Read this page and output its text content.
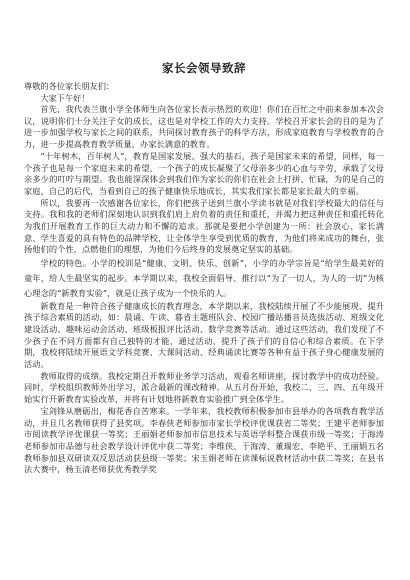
家长会领导致辞
尊敬的各位家长朋友们：
大家下午好！

首先，我代表兰旗小学全体师生向各位家长表示热烈的欢迎！你们在百忙之中前来参加本次会议，说明你们十分关注子女的成长，这也是对学校工作的大力支持。学校召开家长会的目的是为了进一步加强学校与家长之间的联系，共同探讨教育孩子的科学方法，形成家庭教育与学校教育的合力，进一步提高教育教学质量，办家长满意的教育。

“十年树木，百年树人”，教育是国家发展、强大的基石，孩子是国家未来的希望，同样，每一个孩子也是每一个家庭未来的希望，一个孩子的成长凝聚了父母亲多少的心血与辛劳，承载了父母亲多少的叮咛与期望。我也能深深体会到我们作为家长的你们在社会上打拼、忙碌，为的是自己的家庭，自己的后代，当看到自己的孩子健康快乐地成长，其实我们家长都是家长最大的幸福。

所以，我要再一次感谢各位家长，你们把孩子送到兰旗小学读书就是对我们学校最大的信任与支持。我和我的老师们深刻地认识到我们肩上肩负着的责任和重托，并竭力把这种责任和重托转化为我们开展教育工作的巨大动力和不懈的追求。那就是要把小学创建为一所：社会放心、家长满意、学生喜爱的具有特色的品牌学校，让全体学生享受到优质的教育，为他们将来成功的舞台，张扬他们的个性，点燃他们的理想，为他们今后终身的发展奠定坚实的基础。

学校的特色。小学的校训是“健康、文明、快乐、创新”，小学的办学宗旨是“给学生最美好的童年，给人生最坚实的起步。本学期以来，我校全面倡导、推行以“为了一切人，为人的一切”为核心理念的“新教育实验”，就是让孩子成为一个快乐的人。

新教育是一种符合孩子健康成长的教育理念，本学期以来，我校陆续开展了不少能展现、提升孩子综合素质的活动，如：晨诵、午读、暮省主题班队会、校园广播站播音员选拔活动、班级文化建设活动、趣味运动会活动、班级板报评比活动、数学竞赛等活动。通过这些活动，我们发现了不少孩子在不同方面都有自己独特的才能，通过活动，提升了孩子们的自信心和综合素质。在下学期，我校将陆续开展语文学科竞赛、大课间活动、经典诵读比赛等各种有益于孩子身心健康发展的活动。

教师取得的成绩。我校定期召开教师业务学习活动，观看名师讲座，探讨教学中的成功经验。同时，学校组织教师外出学习，派合最新的课改精神。从五月份开始，我校二、三、四、五年级开始实行开新教育实验改革，并将有计划地将新教育实验推广到全体学生。

宝剑锋从磨砺出，梅花香自苦寒来。一学年来，我校教师积极参加市县举办的各项教育教学活动，并且几名教师获得了县奖项。李春侠老师参加市家长学校评优课获省二等奖；王建平老师参加市阅读教学评优课获一等奖；王丽娟老师参加市信息技术与英语学科整合课获市级一等奖；于海涛老师参加市品德与社会教学设计评优中获二等奖；李维侠、于海涛、董瑞宏、李艳平、王丽娟五名教师参加县双研读双反思活动获县级一等奖；宋玉娟老师在读课标说教材活动中获二等奖；在县书法大赛中，杨玉清老师获优秀教学奖
